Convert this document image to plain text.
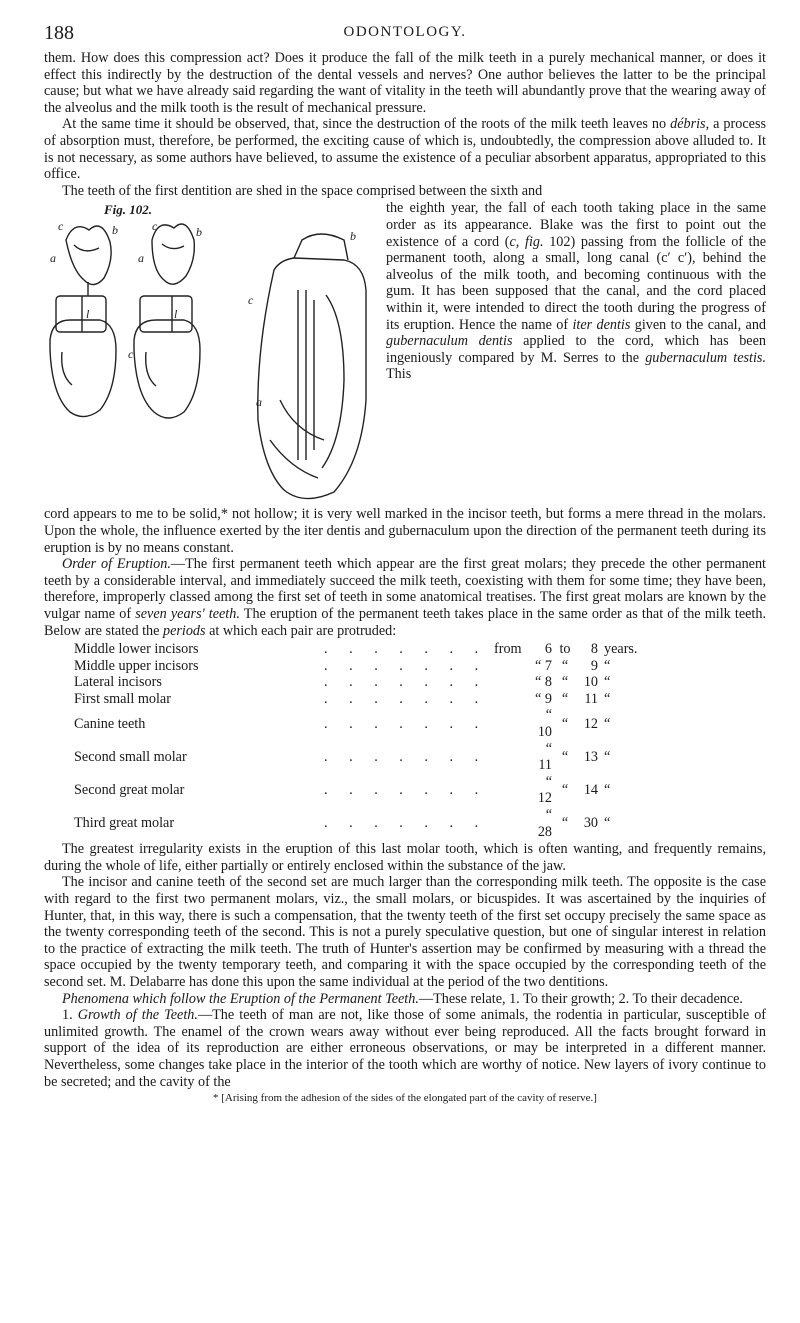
188	ODONTOLOGY.

them. How does this compression act? Does it produce the fall of the milk teeth in a purely mechanical manner, or does it effect this indirectly by the destruction of the dental vessels and nerves? One author believes the latter to be the principal cause; but what we have already said regarding the want of vitality in the teeth will abundantly prove that the wearing away of the alveolus and the milk tooth is the result of mechanical pressure.

At the same time it should be observed, that, since the destruction of the roots of the milk teeth leaves no débris, a process of absorption must, therefore, be performed, the exciting cause of which is, undoubtedly, the compression above alluded to. It is not necessary, as some authors have believed, to assume the existence of a peculiar absorbent apparatus, appropriated to this office.

The teeth of the first dentition are shed in the space comprised between the sixth and

Fig. 102.
a
b
c
l
a
b
c
l
c
a
b
c

the eighth year, the fall of each tooth taking place in the same order as its appearance. Blake was the first to point out the existence of a cord (c, fig. 102) passing from the follicle of the permanent tooth, along a small, long canal (c′ c′), behind the alveolus of the milk tooth, and becoming continuous with the gum. It has been supposed that the canal, and the cord placed within it, were intended to direct the tooth during the progress of its eruption. Hence the name of iter dentis given to the canal, and gubernaculum dentis applied to the cord, which has been ingeniously compared by M. Serres to the gubernaculum testis. This

cord appears to me to be solid,* not hollow; it is very well marked in the incisor teeth, but forms a mere thread in the molars. Upon the whole, the influence exerted by the iter dentis and gubernaculum upon the direction of the permanent teeth during its eruption is by no means constant.

Order of Eruption.—The first permanent teeth which appear are the first great molars; they precede the other permanent teeth by a considerable interval, and immediately succeed the milk teeth, coexisting with them for some time; they have been, therefore, improperly classed among the first set of teeth in some anatomical treatises. The first great molars are known by the vulgar name of seven years' teeth. The eruption of the permanent teeth takes place in the same order as that of the milk teeth. Below are stated the periods at which each pair are protruded:

Middle lower incisors	. . . . . . .	from	6	to	8	years.
Middle upper incisors	. . . . . . .		“ 7	“	9	“
Lateral incisors	. . . . . . .		“ 8	“	10	“
First small molar	. . . . . . .		“ 9	“	11	“
Canine teeth	. . . . . . .		“ 10	“	12	“
Second small molar	. . . . . . .		“ 11	“	13	“
Second great molar	. . . . . . .		“ 12	“	14	“
Third great molar	. . . . . . .		“ 28	“	30	“

The greatest irregularity exists in the eruption of this last molar tooth, which is often wanting, and frequently remains, during the whole of life, either partially or entirely enclosed within the substance of the jaw.

The incisor and canine teeth of the second set are much larger than the corresponding milk teeth. The opposite is the case with regard to the first two permanent molars, viz., the small molars, or bicuspides. It was ascertained by the inquiries of Hunter, that, in this way, there is such a compensation, that the twenty teeth of the first set occupy precisely the same space as the twenty corresponding teeth of the second. This is not a purely speculative question, but one of singular interest in relation to the practice of extracting the milk teeth. The truth of Hunter's assertion may be confirmed by measuring with a thread the space occupied by the twenty temporary teeth, and comparing it with the space occupied by the corresponding teeth of the second set. M. Delabarre has done this upon the same individual at the period of the two dentitions.

Phenomena which follow the Eruption of the Permanent Teeth.—These relate, 1. To their growth; 2. To their decadence.

1. Growth of the Teeth.—The teeth of man are not, like those of some animals, the rodentia in particular, susceptible of unlimited growth. The enamel of the crown wears away without ever being reproduced. All the facts brought forward in support of the idea of its reproduction are either erroneous observations, or may be interpreted in a different manner. Nevertheless, some changes take place in the interior of the tooth which are worthy of notice. New layers of ivory continue to be secreted; and the cavity of the

* [Arising from the adhesion of the sides of the elongated part of the cavity of reserve.]
